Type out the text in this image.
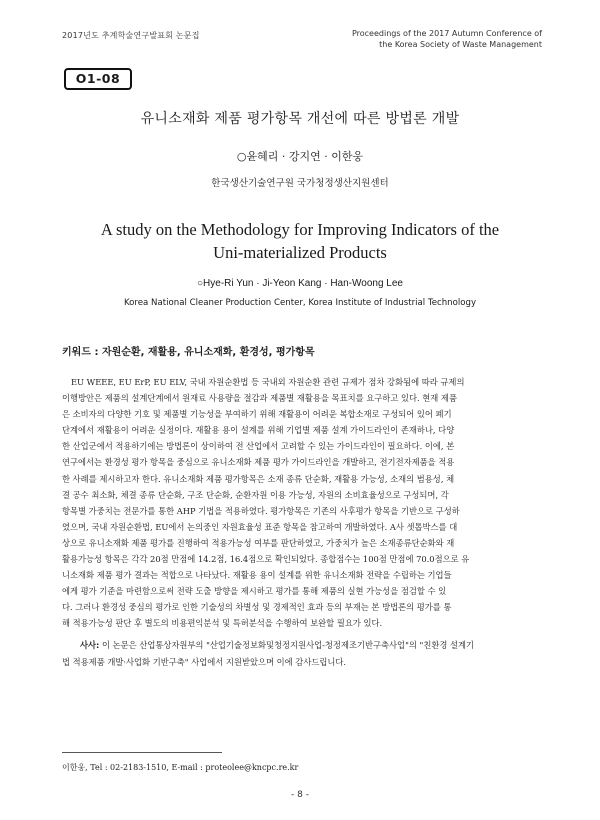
2017년도 추계학술연구발표회 논문집	Proceedings of the 2017 Autumn Conference of
the Korea Society of Waste Management
O1-08
유니소재화 제품 평가항목 개선에 따른 방법론 개발
○윤혜리 · 강지연 · 이한웅
한국생산기술연구원 국가청정생산지원센터
A study on the Methodology for Improving Indicators of the
Uni-materialized Products
○Hye-Ri Yun · Ji-Yeon Kang · Han-Woong Lee
Korea National Cleaner Production Center, Korea Institute of Industrial Technology
키워드 : 자원순환, 재활용, 유니소재화, 환경성, 평가항목
EU WEEE, EU ErP, EU ELV, 국내 자원순환법 등 국내외 자원순환 관련 규제가 점차 강화됨에 따라 규제의
이행방안은 제품의 설계단계에서 원재료 사용량을 절감과 제품별 재활용을 목표치를 요구하고 있다. 현재 제품
은 소비자의 다양한 기호 및 제품별 기능성을 부여하기 위해 재활용이 어려운 복합소재로 구성되어 있어 폐기
단계에서 재활용이 어려운 실정이다. 재활용 용이 설계를 위해 기업별 제품 설계 가이드라인이 존재하나, 다양
한 산업군에서 적용하기에는 방법론이 상이하여 전 산업에서 고려할 수 있는 가이드라인이 필요하다. 이에, 본
연구에서는 환경성 평가 항목을 중심으로 유니소재화 제품 평가 가이드라인을 개발하고, 전기전자제품을 적용
한 사례를 제시하고자 한다. 유니소재화 제품 평가항목은 소재 종류 단순화, 재활용 가능성, 소재의 범용성, 체
결 공수 최소화, 체결 종류 단순화, 구조 단순화, 순환자원 이용 가능성, 자원의 소비효율성으로 구성되며, 각
항목별 가중치는 전문가를 통한 AHP 기법을 적용하였다. 평가항목은 기존의 사후평가 항목을 기반으로 구성하
였으며, 국내 자원순환법, EU에서 논의중인 자원효율성 표준 항목을 참고하여 개발하였다. A사 셋톱박스를 대
상으로 유니소재화 제품 평가를 진행하여 적용가능성 여부를 판단하였고, 가중치가 높은 소재종류단순화와 재
활용가능성 항목은 각각 20점 만점에 14.2점, 16.4점으로 확인되었다. 종합점수는 100점 만점에 70.0점으로 유
니소재화 제품 평가 결과는 적합으로 나타났다. 재활용 용이 설계를 위한 유니소재화 전략을 수립하는 기업들
에게 평가 기준을 마련함으로써 전략 도출 방향을 제시하고 평가를 통해 제품의 실현 가능성을 점검할 수 있
다. 그러나 환경성 중심의 평가로 인한 기술성의 차별성 및 경제적인 효과 등의 부재는 본 방법론의 평가를 통
해 적용가능성 판단 후 별도의 비용편익분석 및 특허분석을 수행하여 보완할 필요가 있다.
사사: 이 논문은 산업통상자원부의 "산업기술정보화및청정지원사업-청정제조기반구축사업"의 "친환경 설계기
법 적용제품 개발·사업화 기반구축" 사업에서 지원받았으며 이에 감사드립니다.
이한웅, Tel : 02-2183-1510, E-mail : proteolee@kncpc.re.kr
- 8 -
